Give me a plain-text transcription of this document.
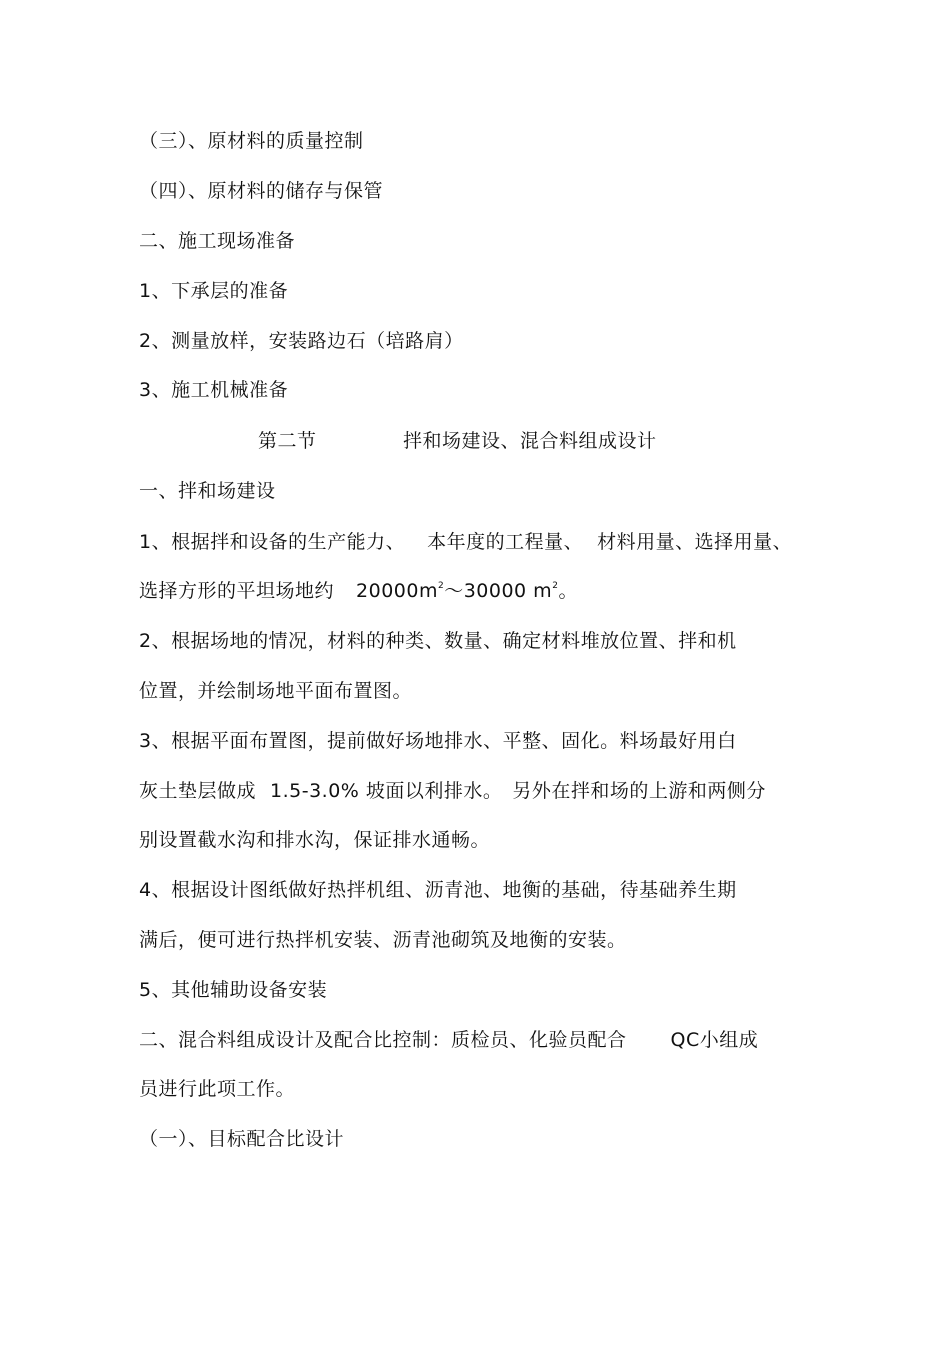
（三）、原材料的质量控制
（四）、原材料的储存与保管
二、施工现场准备
1、下承层的准备
2、测量放样，安装路边石（培路肩）
3、施工机械准备
第二节	拌和场建设、混合料组成设计
一、拌和场建设
1、根据拌和设备的生产能力、 本年度的工程量、 材料用量、选择用量、
选择方形的平坦场地约 $20000m^2\sim 30000$ $m^2$。
2、根据场地的情况，材料的种类、数量、确定材料堆放位置、拌和机
位置，并绘制场地平面布置图。
3、根据平面布置图，提前做好场地排水、平整、固化。料场最好用白
灰土垫层做成 1.5-3.0% 坡面以利排水。 另外在拌和场的上游和两侧分
别设置截水沟和排水沟，保证排水通畅。
4、根据设计图纸做好热拌机组、沥青池、地衡的基础，待基础养生期
满后，便可进行热拌机安装、沥青池砌筑及地衡的安装。
5、其他辅助设备安装
二、混合料组成设计及配合比控制：质检员、化验员配合 QC小组成
员进行此项工作。
（一）、目标配合比设计
